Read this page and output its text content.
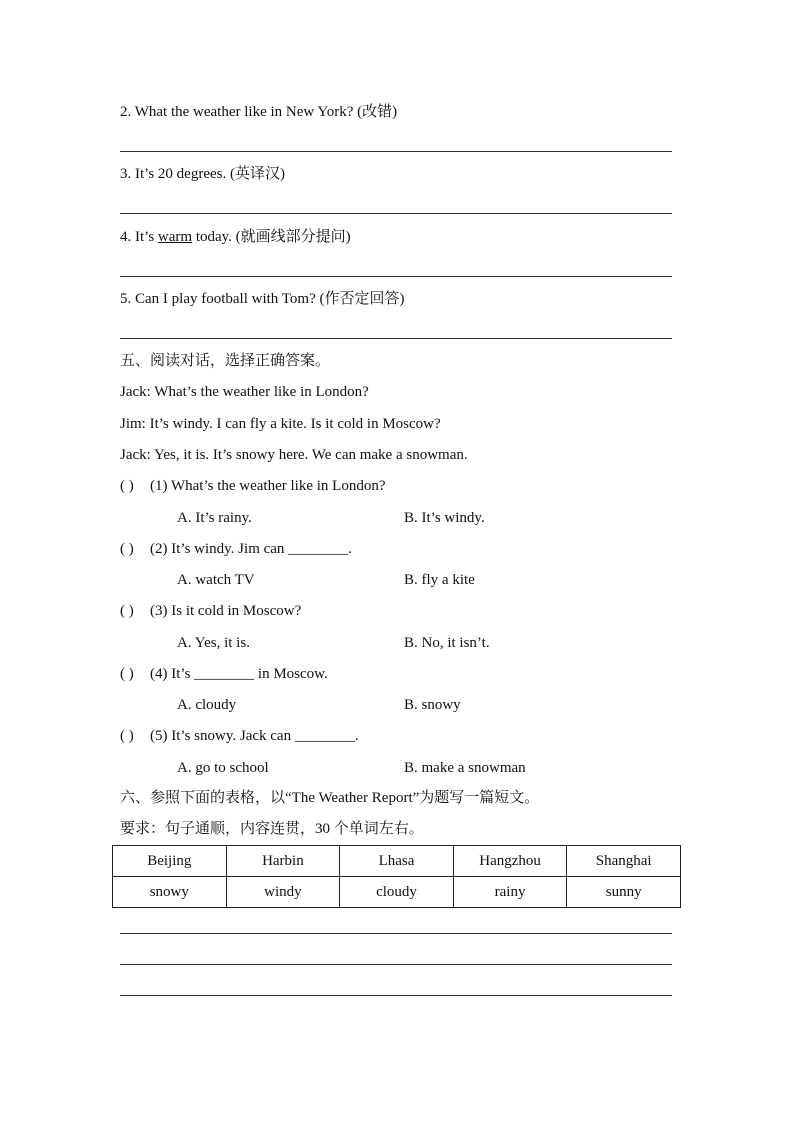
2. What the weather like in New York? (改错)
3. It’s 20 degrees. (英译汉)
4. It’s warm today. (就画线部分提问)
5. Can I play football with Tom? (作否定回答)
五、阅读对话，选择正确答案。
Jack: What’s the weather like in London?
Jim: It’s windy. I can fly a kite. Is it cold in Moscow?
Jack: Yes, it is. It’s snowy here. We can make a snowman.
( ) (1) What’s the weather like in London?
A. It’s rainy.	B. It’s windy.
( ) (2) It’s windy. Jim can ________.
A. watch TV	B. fly a kite
( ) (3) Is it cold in Moscow?
A. Yes, it is.	B. No, it isn’t.
( ) (4) It’s ________ in Moscow.
A. cloudy	B. snowy
( ) (5) It’s snowy. Jack can ________.
A. go to school	B. make a snowman
六、参照下面的表格，以“The Weather Report”为题写一篇短文。
要求：句子通顺，内容连贯，30 个单词左右。
Beijing	Harbin	Lhasa	Hangzhou	Shanghai
snowy	windy	cloudy	rainy	sunny
